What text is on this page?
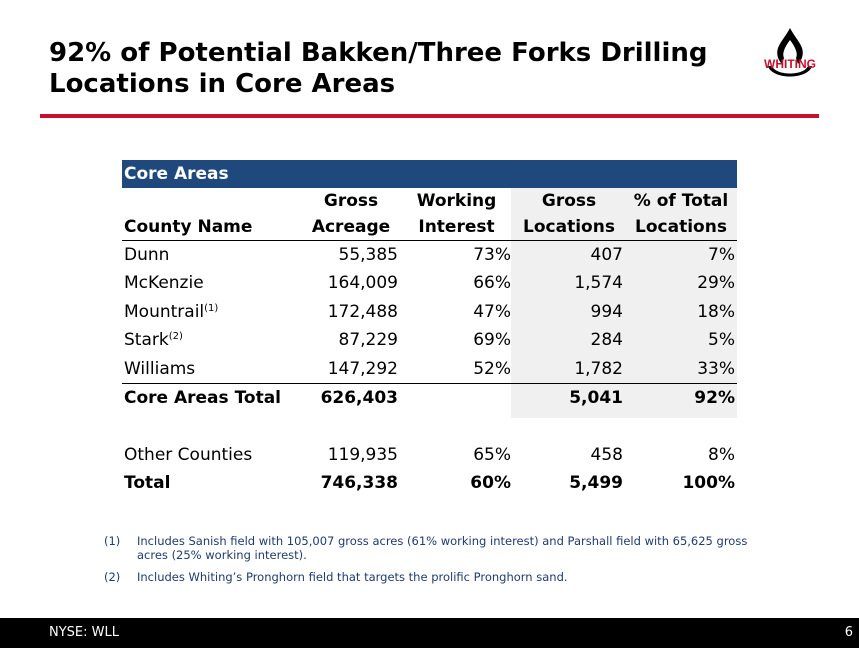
92% of Potential Bakken/Three Forks Drilling
Locations in Core Areas
WHITING
Core Areas
	Gross	Working	Gross	% of Total
County Name	Acreage	Interest	Locations	Locations
Dunn	55,385	73%	407	7%
McKenzie	164,009	66%	1,574	29%
Mountrail$^{(1)}$	172,488	47%	994	18%
Stark$^{(2)}$	87,229	69%	284	5%
Williams	147,292	52%	1,782	33%
Core Areas Total	626,403		5,041	92%

Other Counties	119,935	65%	458	8%
Total	746,338	60%	5,499	100%
(1)	Includes Sanish field with 105,007 gross acres (61% working interest) and Parshall field with 65,625 gross acres (25% working interest).
(2)	Includes Whiting’s Pronghorn field that targets the prolific Pronghorn sand.
NYSE: WLL	6
